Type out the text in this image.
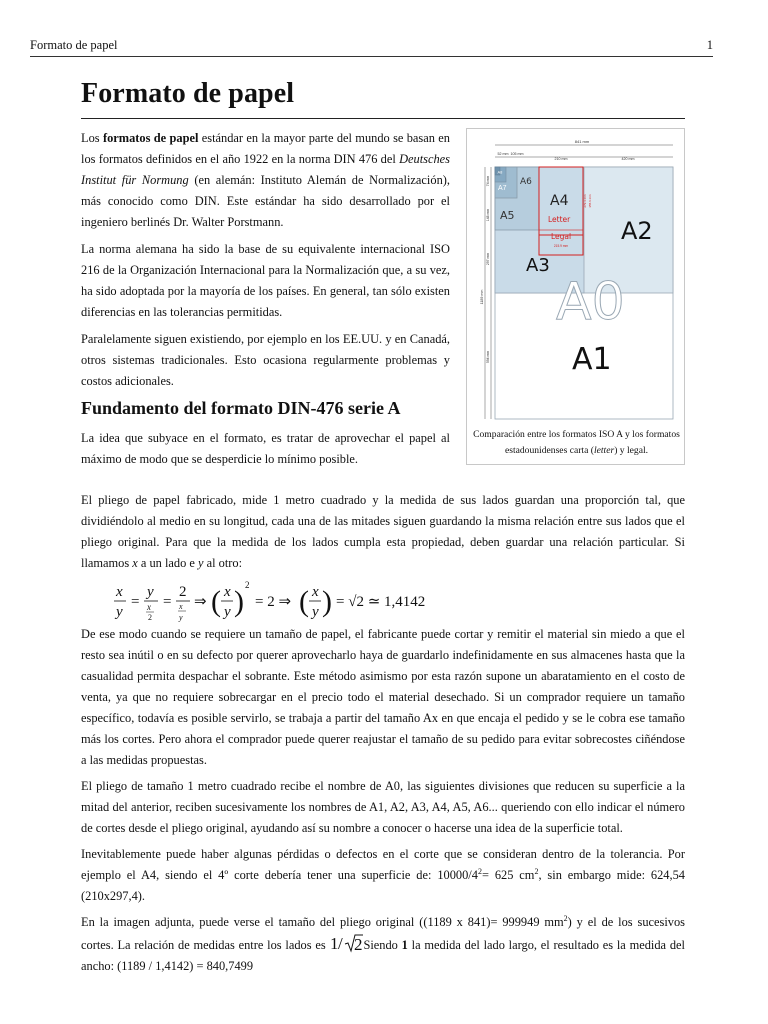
Formato de papel	1
Formato de papel

Los formatos de papel estándar en la mayor parte del mundo se basan en los formatos definidos en el año 1922 en la norma DIN 476 del Deutsches Institut für Normung (en alemán: Instituto Alemán de Normalización), más conocido como DIN. Este estándar ha sido desarrollado por el ingeniero berlinés Dr. Walter Porstmann.

La norma alemana ha sido la base de su equivalente internacional ISO 216 de la Organización Internacional para la Normalización que, a su vez, ha sido adoptada por la mayoría de los países. En general, tan sólo existen diferencias en las tolerancias permitidas.

Paralelamente siguen existiendo, por ejemplo en los EE.UU. y en Canadá, otros sistemas tradicionales. Esto ocasiona regularmente problemas y costos adicionales.

Fundamento del formato DIN-476 serie A

La idea que subyace en el formato, es tratar de aprovechar el papel al máximo de modo que se desperdicie lo mínimo posible.

841 mm
52 mm 105 mm
210 mm	420 mm
1189 mm
74 mm
148 mm
297 mm
594 mm
215.9 mm
279.4 mm 355.6 mm
A8
A7
A6
A5
A4
Letter
Legal A2
A3
A0
A1
Comparación entre los formatos ISO A y los formatos estadounidenses carta (letter) y legal.

El pliego de papel fabricado, mide 1 metro cuadrado y la medida de sus lados guardan una proporción tal, que dividiéndolo al medio en su longitud, cada una de las mitades siguen guardando la misma relación entre sus lados que el pliego original. Para que la medida de los lados cumpla esta propiedad, deben guardar una relación particular. Si llamamos x a un lado e y al otro:

x
y
=
y
x
2
=
2
x
y
⇒ ( x
y ) 2
= 2 ⇒ ( x
y ) = √2 ≃ 1,4142

De ese modo cuando se requiere un tamaño de papel, el fabricante puede cortar y remitir el material sin miedo a que el resto sea inútil o en su defecto por querer aprovecharlo haya de guardarlo indefinidamente en sus almacenes hasta que la casualidad permita despachar el sobrante. Este método asimismo por esta razón supone un abaratamiento en el costo de venta, ya que no requiere sobrecargar en el precio todo el material desechado. Si un comprador requiere un tamaño específico, todavía es posible servirlo, se trabaja a partir del tamaño Ax en que encaja el pedido y se le cobra ese tamaño más los cortes. Pero ahora el comprador puede querer reajustar el tamaño de su pedido para evitar sobrecostes ciñéndose a las medidas propuestas.

El pliego de tamaño 1 metro cuadrado recibe el nombre de A0, las siguientes divisiones que reducen su superficie a la mitad del anterior, reciben sucesivamente los nombres de A1, A2, A3, A4, A5, A6... queriendo con ello indicar el número de cortes desde el pliego original, ayudando así su nombre a conocer o hacerse una idea de la superficie total.

Inevitablemente puede haber algunas pérdidas o defectos en el corte que se consideran dentro de la tolerancia. Por ejemplo el A4, siendo el 4º corte debería tener una superficie de: $10000/4^2= 625$ $cm^2$, sin embargo mide: 624,54 (210x297,4).

En la imagen adjunta, puede verse el tamaño del pliego original ((1189 x 841)= 999949 $mm^2$) y el de los sucesivos cortes. La relación de medidas entre los lados es 1 / 2 Siendo 1 la medida del lado largo, el resultado es la medida del ancho: (1189 / 1,4142) = 840,7499
